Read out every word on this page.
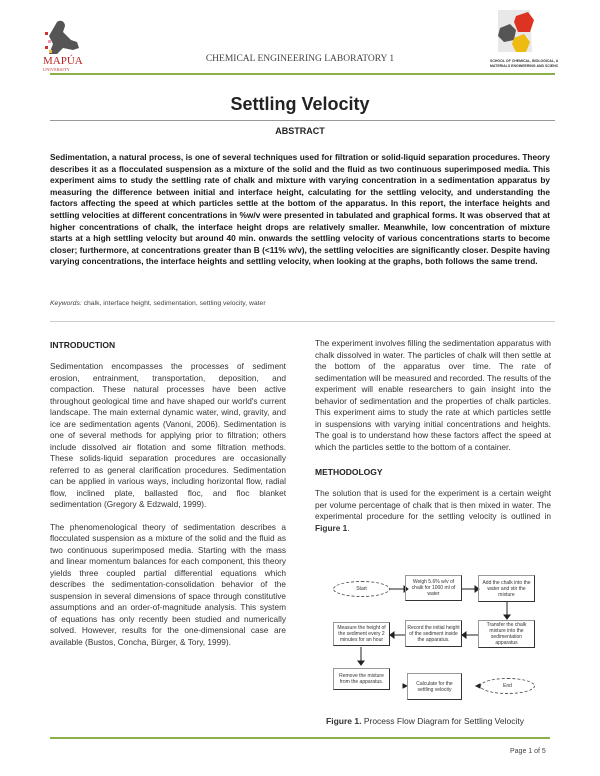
MAPÚA UNIVERSITY
CHEMICAL ENGINEERING LABORATORY 1	SCHOOL OF CHEMICAL, BIOLOGICAL, AND
MATERIALS ENGINEERING AND SCIENCES
Settling Velocity
ABSTRACT
Sedimentation, a natural process, is one of several techniques used for filtration or solid-liquid separation procedures. Theory describes it as a flocculated suspension as a mixture of the solid and the fluid as two continuous superimposed media. This experiment aims to study the settling rate of chalk and mixture with varying concentration in a sedimentation apparatus by measuring the difference between initial and interface height, calculating for the settling velocity, and understanding the factors affecting the speed at which particles settle at the bottom of the apparatus. In this report, the interface heights and settling velocities at different concentrations in %w/v were presented in tabulated and graphical forms. It was observed that at higher concentrations of chalk, the interface height drops are relatively smaller. Meanwhile, low concentration of mixture starts at a high settling velocity but around 40 min. onwards the settling velocity of various concentrations starts to become closer; furthermore, at concentrations greater than B (<11% w/v), the settling velocities are significantly closer. Despite having varying concentrations, the interface heights and settling velocity, when looking at the graphs, both follows the same trend.
Keywords: chalk, interface height, sedimentation, settling velocity, water
INTRODUCTION

Sedimentation encompasses the processes of sediment erosion, entrainment, transportation, deposition, and compaction. These natural processes have been active throughout geological time and have shaped our world's current landscape. The main external dynamic water, wind, gravity, and ice are sedimentation agents (Vanoni, 2006). Sedimentation is one of several methods for applying prior to filtration; others include dissolved air flotation and some filtration methods. These solids-liquid separation procedures are occasionally referred to as general clarification procedures. Sedimentation can be applied in various ways, including horizontal flow, radial flow, inclined plate, ballasted floc, and floc blanket sedimentation (Gregory & Edzwald, 1999).

The phenomenological theory of sedimentation describes a flocculated suspension as a mixture of the solid and the fluid as two continuous superimposed media. Starting with the mass and linear momentum balances for each component, this theory yields three coupled partial differential equations which describes the sedimentation-consolidation behavior of the suspension in several dimensions of space through constitutive assumptions and an order-of-magnitude analysis. This system of equations has only recently been studied and numerically solved. However, results for the one-dimensional case are available (Bustos, Concha, Bürger, & Tory, 1999).

The experiment involves filling the sedimentation apparatus with chalk dissolved in water. The particles of chalk will then settle at the bottom of the apparatus over time. The rate of sedimentation will be measured and recorded. The results of the experiment will enable researchers to gain insight into the behavior of sedimentation and the properties of chalk particles. This experiment aims to study the rate at which particles settle in suspensions with varying initial concentrations and heights. The goal is to understand how these factors affect the speed at which the particles settle to the bottom of a container.

METHODOLOGY

The solution that is used for the experiment is a certain weight per volume percentage of chalk that is then mixed in water. The experimental procedure for the settling velocity is outlined in Figure 1.

Start
Weigh 5.6% w/v of chalk for 1000 ml of water
Add the chalk into the water and stir the mixture
Transfer the chalk mixture into the sedimentation apparatus
Record the initial height of the sediment inside the apparatus.
Measure the height of the sediment every 2 minutes for an hour
Remove the mixture from the apparatus.	Calculate for the settling velocity
End
Figure 1. Process Flow Diagram for Settling Velocity
Page 1 of 5
